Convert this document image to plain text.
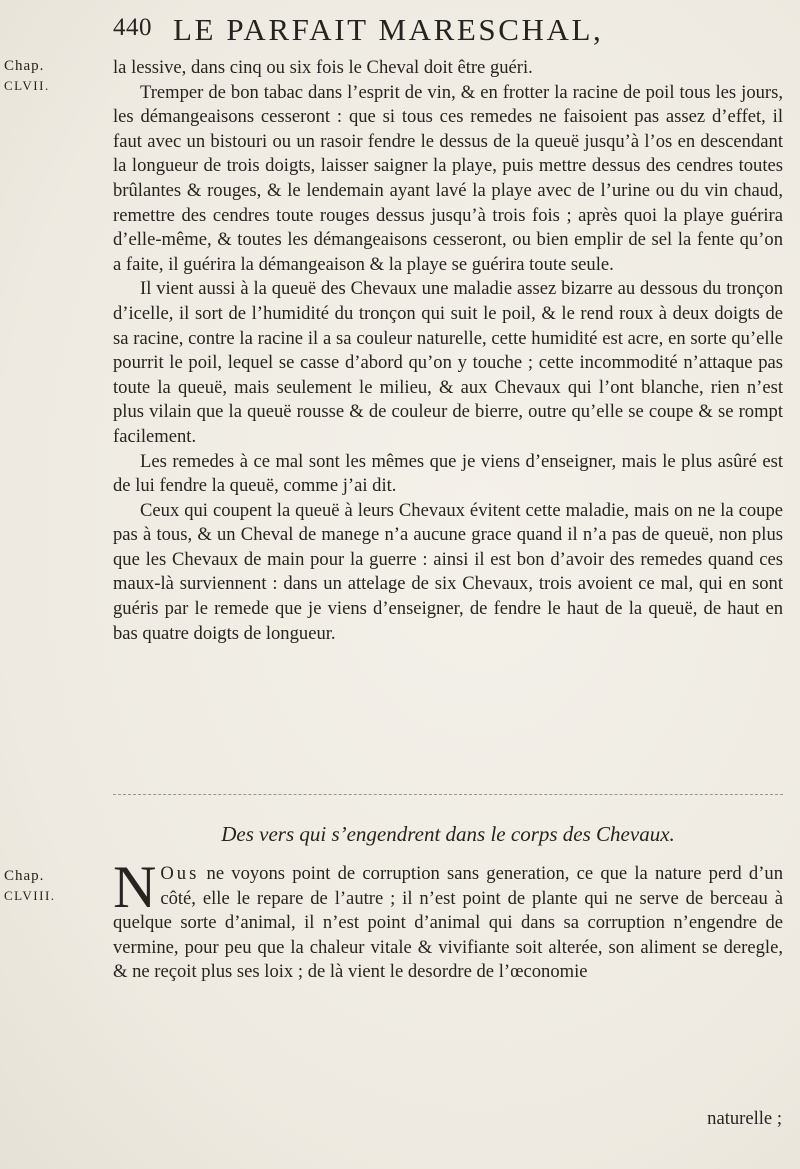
440 LE PARFAIT MARESCHAL,
Chap.
CLVII.

la lessive, dans cinq ou six fois le Cheval doit être guéri.

Tremper de bon tabac dans l’esprit de vin, & en frotter la racine de poil tous les jours, les démangeaisons cesseront : que si tous ces remedes ne faisoient pas assez d’effet, il faut avec un bistouri ou un rasoir fendre le dessus de la queuë jusqu’à l’os en descendant la longueur de trois doigts, laisser saigner la playe, puis mettre dessus des cendres toutes brûlantes & rouges, & le lendemain ayant lavé la playe avec de l’urine ou du vin chaud, remettre des cendres toute rouges dessus jusqu’à trois fois ; après quoi la playe guérira d’elle-même, & toutes les démangeaisons cesseront, ou bien emplir de sel la fente qu’on a faite, il guérira la démangeaison & la playe se guérira toute seule.

Il vient aussi à la queuë des Chevaux une maladie assez bizarre au dessous du tronçon d’icelle, il sort de l’humidité du tronçon qui suit le poil, & le rend roux à deux doigts de sa racine, contre la racine il a sa couleur naturelle, cette humidité est acre, en sorte qu’elle pourrit le poil, lequel se casse d’abord qu’on y touche ; cette incommodité n’attaque pas toute la queuë, mais seulement le milieu, & aux Chevaux qui l’ont blanche, rien n’est plus vilain que la queuë rousse & de couleur de bierre, outre qu’elle se coupe & se rompt facilement.

Les remedes à ce mal sont les mêmes que je viens d’enseigner, mais le plus asûré est de lui fendre la queuë, comme j’ai dit.

Ceux qui coupent la queuë à leurs Chevaux évitent cette maladie, mais on ne la coupe pas à tous, & un Cheval de manege n’a aucune grace quand il n’a pas de queuë, non plus que les Chevaux de main pour la guerre : ainsi il est bon d’avoir des remedes quand ces maux-là surviennent : dans un attelage de six Chevaux, trois avoient ce mal, qui en sont guéris par le remede que je viens d’enseigner, de fendre le haut de la queuë, de haut en bas quatre doigts de longueur.

Des vers qui s’engendrent dans le corps des Chevaux.
Chap.
CLVIII. N Ous ne voyons point de corruption sans generation, ce que la nature perd d’un côté, elle le repare de l’autre ; il n’est point de plante qui ne serve de berceau à quelque sorte d’animal, il n’est point d’animal qui dans sa corruption n’engendre de vermine, pour peu que la chaleur vitale & vivifiante soit alterée, son aliment se deregle, & ne reçoit plus ses loix ; de là vient le desordre de l’œconomie
naturelle ;
